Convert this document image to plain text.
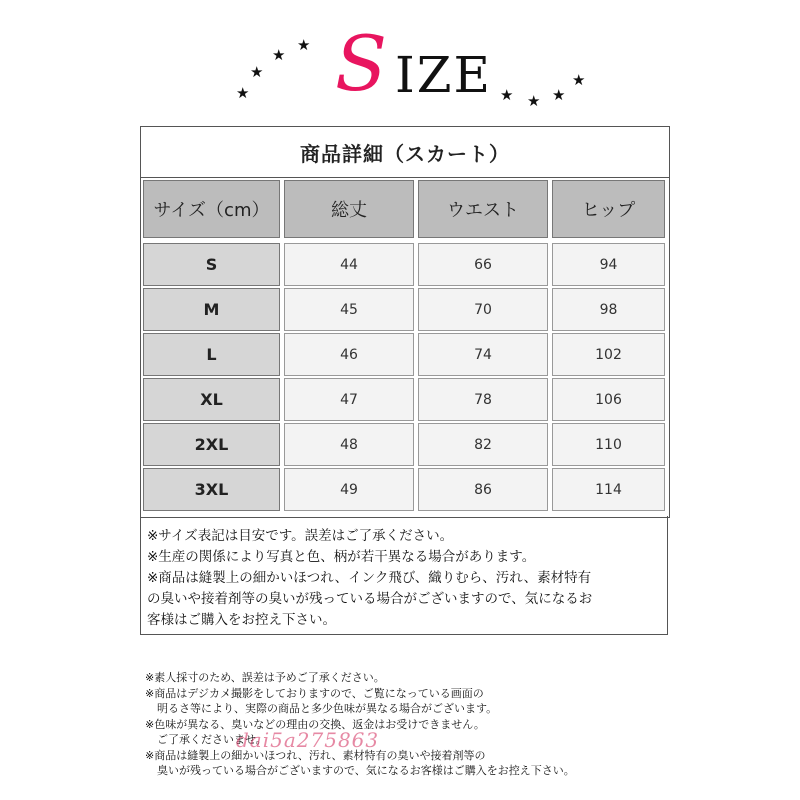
★
★
★
★ S IZE ★ ★ ★
★
商品詳細（スカート）
サイズ（cm）	総丈	ウエスト	ヒップ
S	44	66	94
M	45	70	98
L	46	74	102
XL	47	78	106
2XL	48	82	110
3XL	49	86	114
※サイズ表記は目安です。誤差はご了承ください。
※生産の関係により写真と色、柄が若干異なる場合があります。
※商品は縫製上の細かいほつれ、インク飛び、織りむら、汚れ、素材特有
の臭いや接着剤等の臭いが残っている場合がございますので、気になるお
客様はご購入をお控え下さい。
※素人採寸のため、誤差は予めご了承ください。
※商品はデジカメ撮影をしておりますので、ご覧になっている画面の
明るさ等により、実際の商品と多少色味が異なる場合がございます。
※色味が異なる、臭いなどの理由の交換、返金はお受けできません。
ご了承くださいませ。
※商品は縫製上の細かいほつれ、汚れ、素材特有の臭いや接着剤等の
臭いが残っている場合がございますので、気になるお客様はご購入をお控え下さい。
dai5a275863
